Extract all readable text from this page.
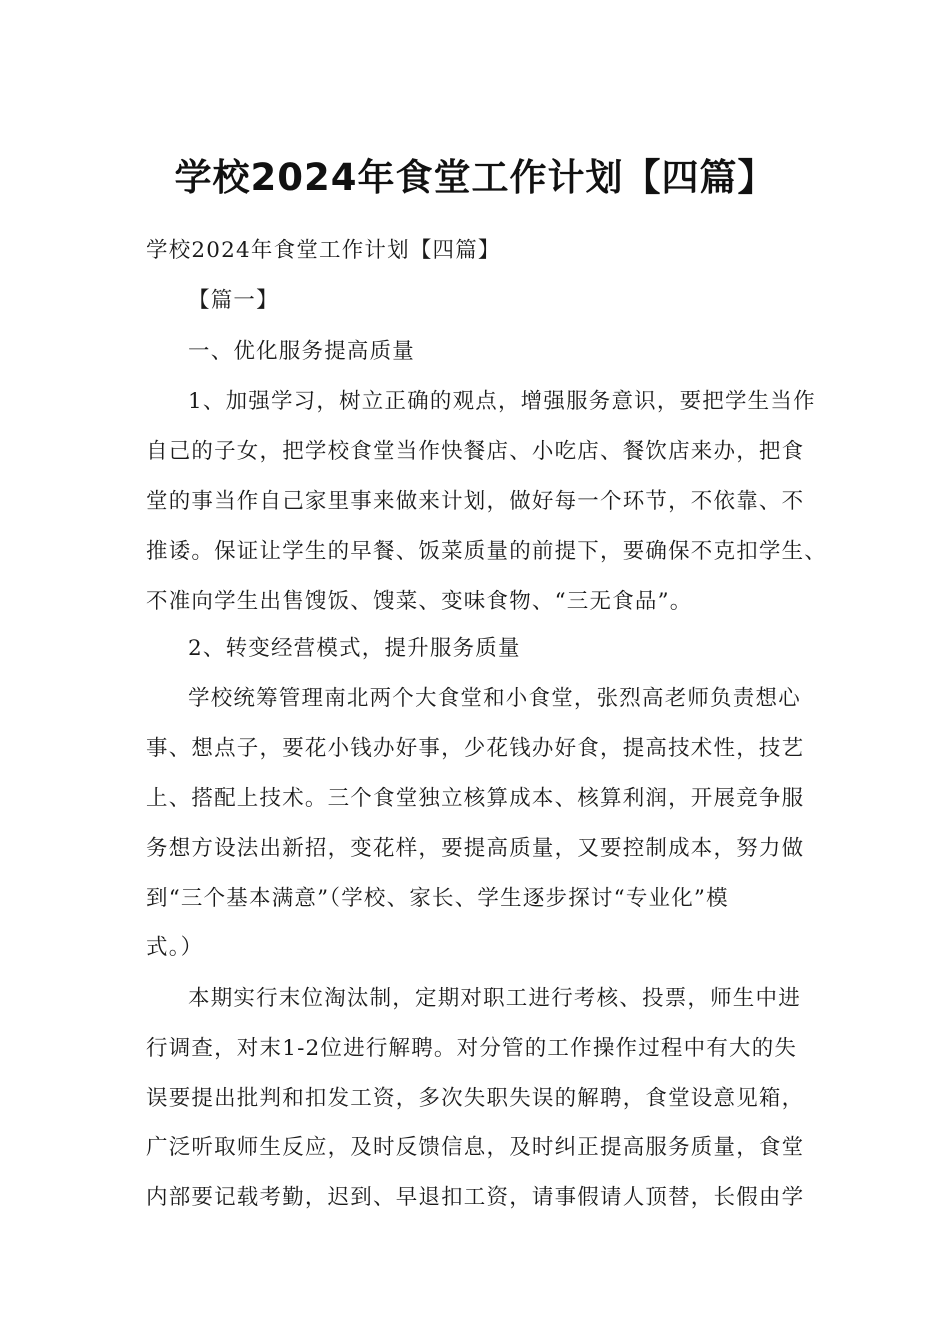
学校2024年食堂工作计划【四篇】

学校2024年食堂工作计划【四篇】

【篇一】

一、优化服务提高质量

1、加强学习，树立正确的观点，增强服务意识，要把学生当作

自己的子女，把学校食堂当作快餐店、小吃店、餐饮店来办，把食

堂的事当作自己家里事来做来计划，做好每一个环节，不依靠、不

推诿。保证让学生的早餐、饭菜质量的前提下，要确保不克扣学生、

不准向学生出售馊饭、馊菜、变味食物、“三无食品”。

2、转变经营模式，提升服务质量

学校统筹管理南北两个大食堂和小食堂，张烈高老师负责想心

事、想点子，要花小钱办好事，少花钱办好食，提高技术性，技艺

上、搭配上技术。三个食堂独立核算成本、核算利润，开展竞争服

务想方设法出新招，变花样，要提高质量，又要控制成本，努力做

到“三个基本满意”（学校、家长、学生逐步探讨“专业化”模

式。）

本期实行末位淘汰制，定期对职工进行考核、投票，师生中进

行调查，对末1-2位进行解聘。对分管的工作操作过程中有大的失

误要提出批判和扣发工资，多次失职失误的解聘，食堂设意见箱，

广泛听取师生反应，及时反馈信息，及时纠正提高服务质量，食堂

内部要记载考勤，迟到、早退扣工资，请事假请人顶替，长假由学
